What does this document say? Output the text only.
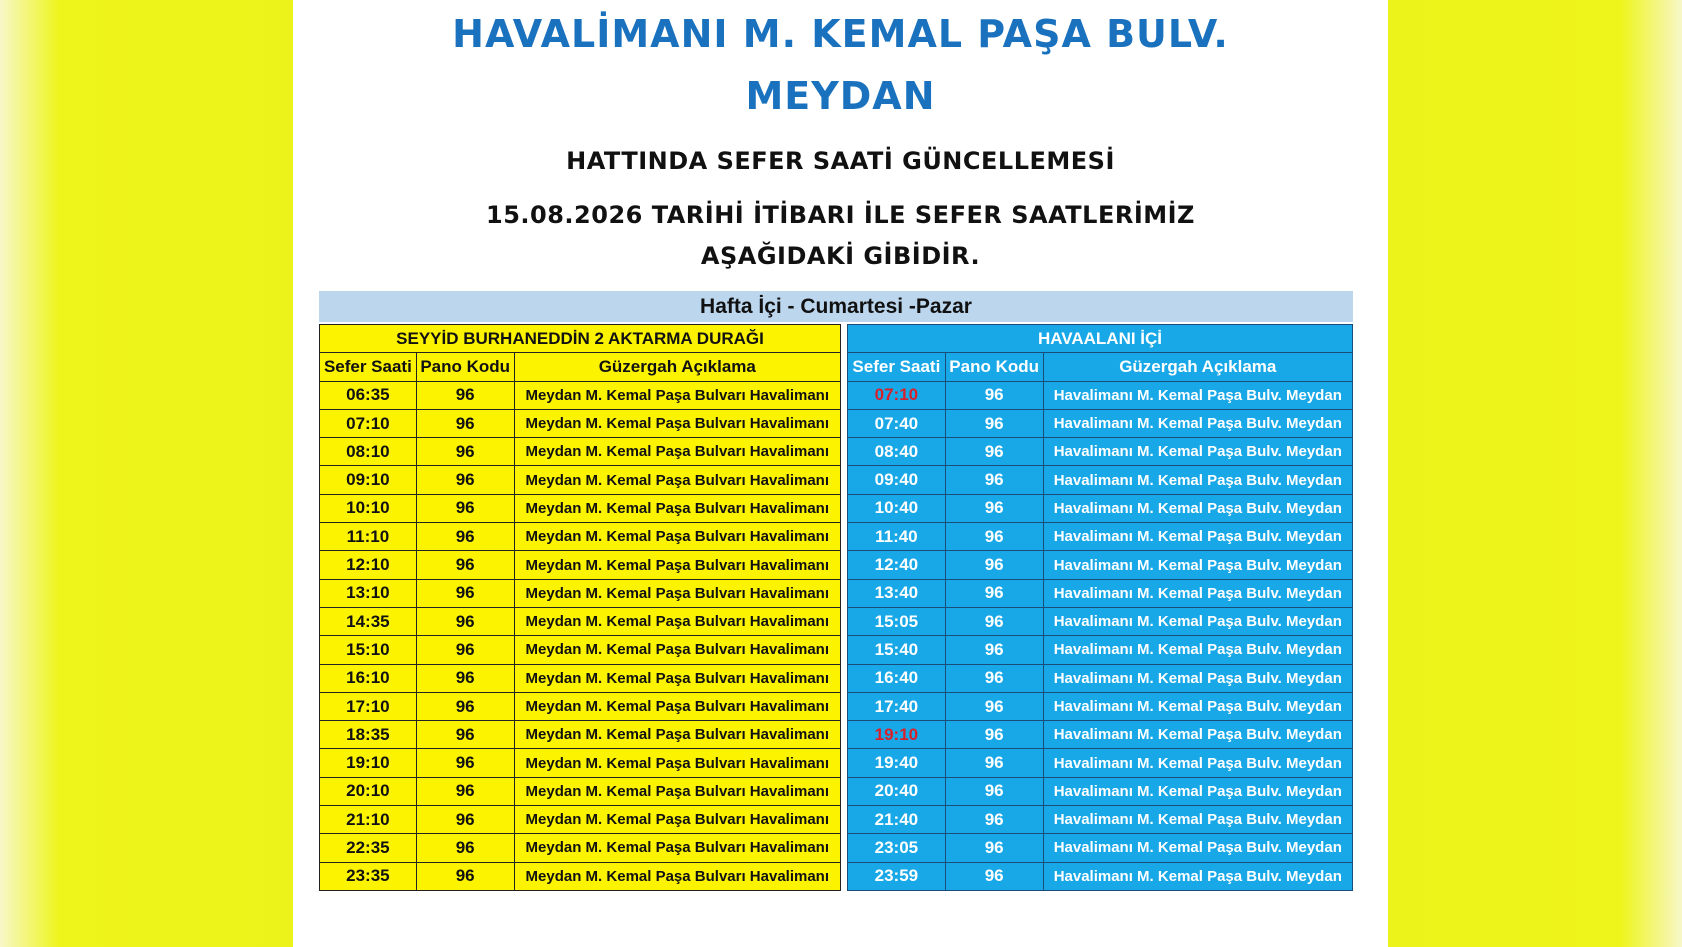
HAVALİMANI M. KEMAL PAŞA BULV.
MEYDAN
HATTINDA SEFER SAATİ GÜNCELLEMESİ
15.08.2026 TARİHİ İTİBARI İLE SEFER SAATLERİMİZ
AŞAĞIDAKİ GİBİDİR.
Hafta İçi - Cumartesi -Pazar
SEYYİD BURHANEDDİN 2 AKTARMA DURAĞI		
Sefer Saati	Pano Kodu	Güzergah Açıklama
06:35	96	Meydan M. Kemal Paşa Bulvarı Havalimanı
07:10	96	Meydan M. Kemal Paşa Bulvarı Havalimanı
08:10	96	Meydan M. Kemal Paşa Bulvarı Havalimanı
09:10	96	Meydan M. Kemal Paşa Bulvarı Havalimanı
10:10	96	Meydan M. Kemal Paşa Bulvarı Havalimanı
11:10	96	Meydan M. Kemal Paşa Bulvarı Havalimanı
12:10	96	Meydan M. Kemal Paşa Bulvarı Havalimanı
13:10	96	Meydan M. Kemal Paşa Bulvarı Havalimanı
14:35	96	Meydan M. Kemal Paşa Bulvarı Havalimanı
15:10	96	Meydan M. Kemal Paşa Bulvarı Havalimanı
16:10	96	Meydan M. Kemal Paşa Bulvarı Havalimanı
17:10	96	Meydan M. Kemal Paşa Bulvarı Havalimanı
18:35	96	Meydan M. Kemal Paşa Bulvarı Havalimanı
19:10	96	Meydan M. Kemal Paşa Bulvarı Havalimanı
20:10	96	Meydan M. Kemal Paşa Bulvarı Havalimanı
21:10	96	Meydan M. Kemal Paşa Bulvarı Havalimanı
22:35	96	Meydan M. Kemal Paşa Bulvarı Havalimanı
23:35	96	Meydan M. Kemal Paşa Bulvarı Havalimanı
HAVAALANI İÇİ		
Sefer Saati	Pano Kodu	Güzergah Açıklama
07:10	96	Havalimanı M. Kemal Paşa Bulv. Meydan
07:40	96	Havalimanı M. Kemal Paşa Bulv. Meydan
08:40	96	Havalimanı M. Kemal Paşa Bulv. Meydan
09:40	96	Havalimanı M. Kemal Paşa Bulv. Meydan
10:40	96	Havalimanı M. Kemal Paşa Bulv. Meydan
11:40	96	Havalimanı M. Kemal Paşa Bulv. Meydan
12:40	96	Havalimanı M. Kemal Paşa Bulv. Meydan
13:40	96	Havalimanı M. Kemal Paşa Bulv. Meydan
15:05	96	Havalimanı M. Kemal Paşa Bulv. Meydan
15:40	96	Havalimanı M. Kemal Paşa Bulv. Meydan
16:40	96	Havalimanı M. Kemal Paşa Bulv. Meydan
17:40	96	Havalimanı M. Kemal Paşa Bulv. Meydan
19:10	96	Havalimanı M. Kemal Paşa Bulv. Meydan
19:40	96	Havalimanı M. Kemal Paşa Bulv. Meydan
20:40	96	Havalimanı M. Kemal Paşa Bulv. Meydan
21:40	96	Havalimanı M. Kemal Paşa Bulv. Meydan
23:05	96	Havalimanı M. Kemal Paşa Bulv. Meydan
23:59	96	Havalimanı M. Kemal Paşa Bulv. Meydan
